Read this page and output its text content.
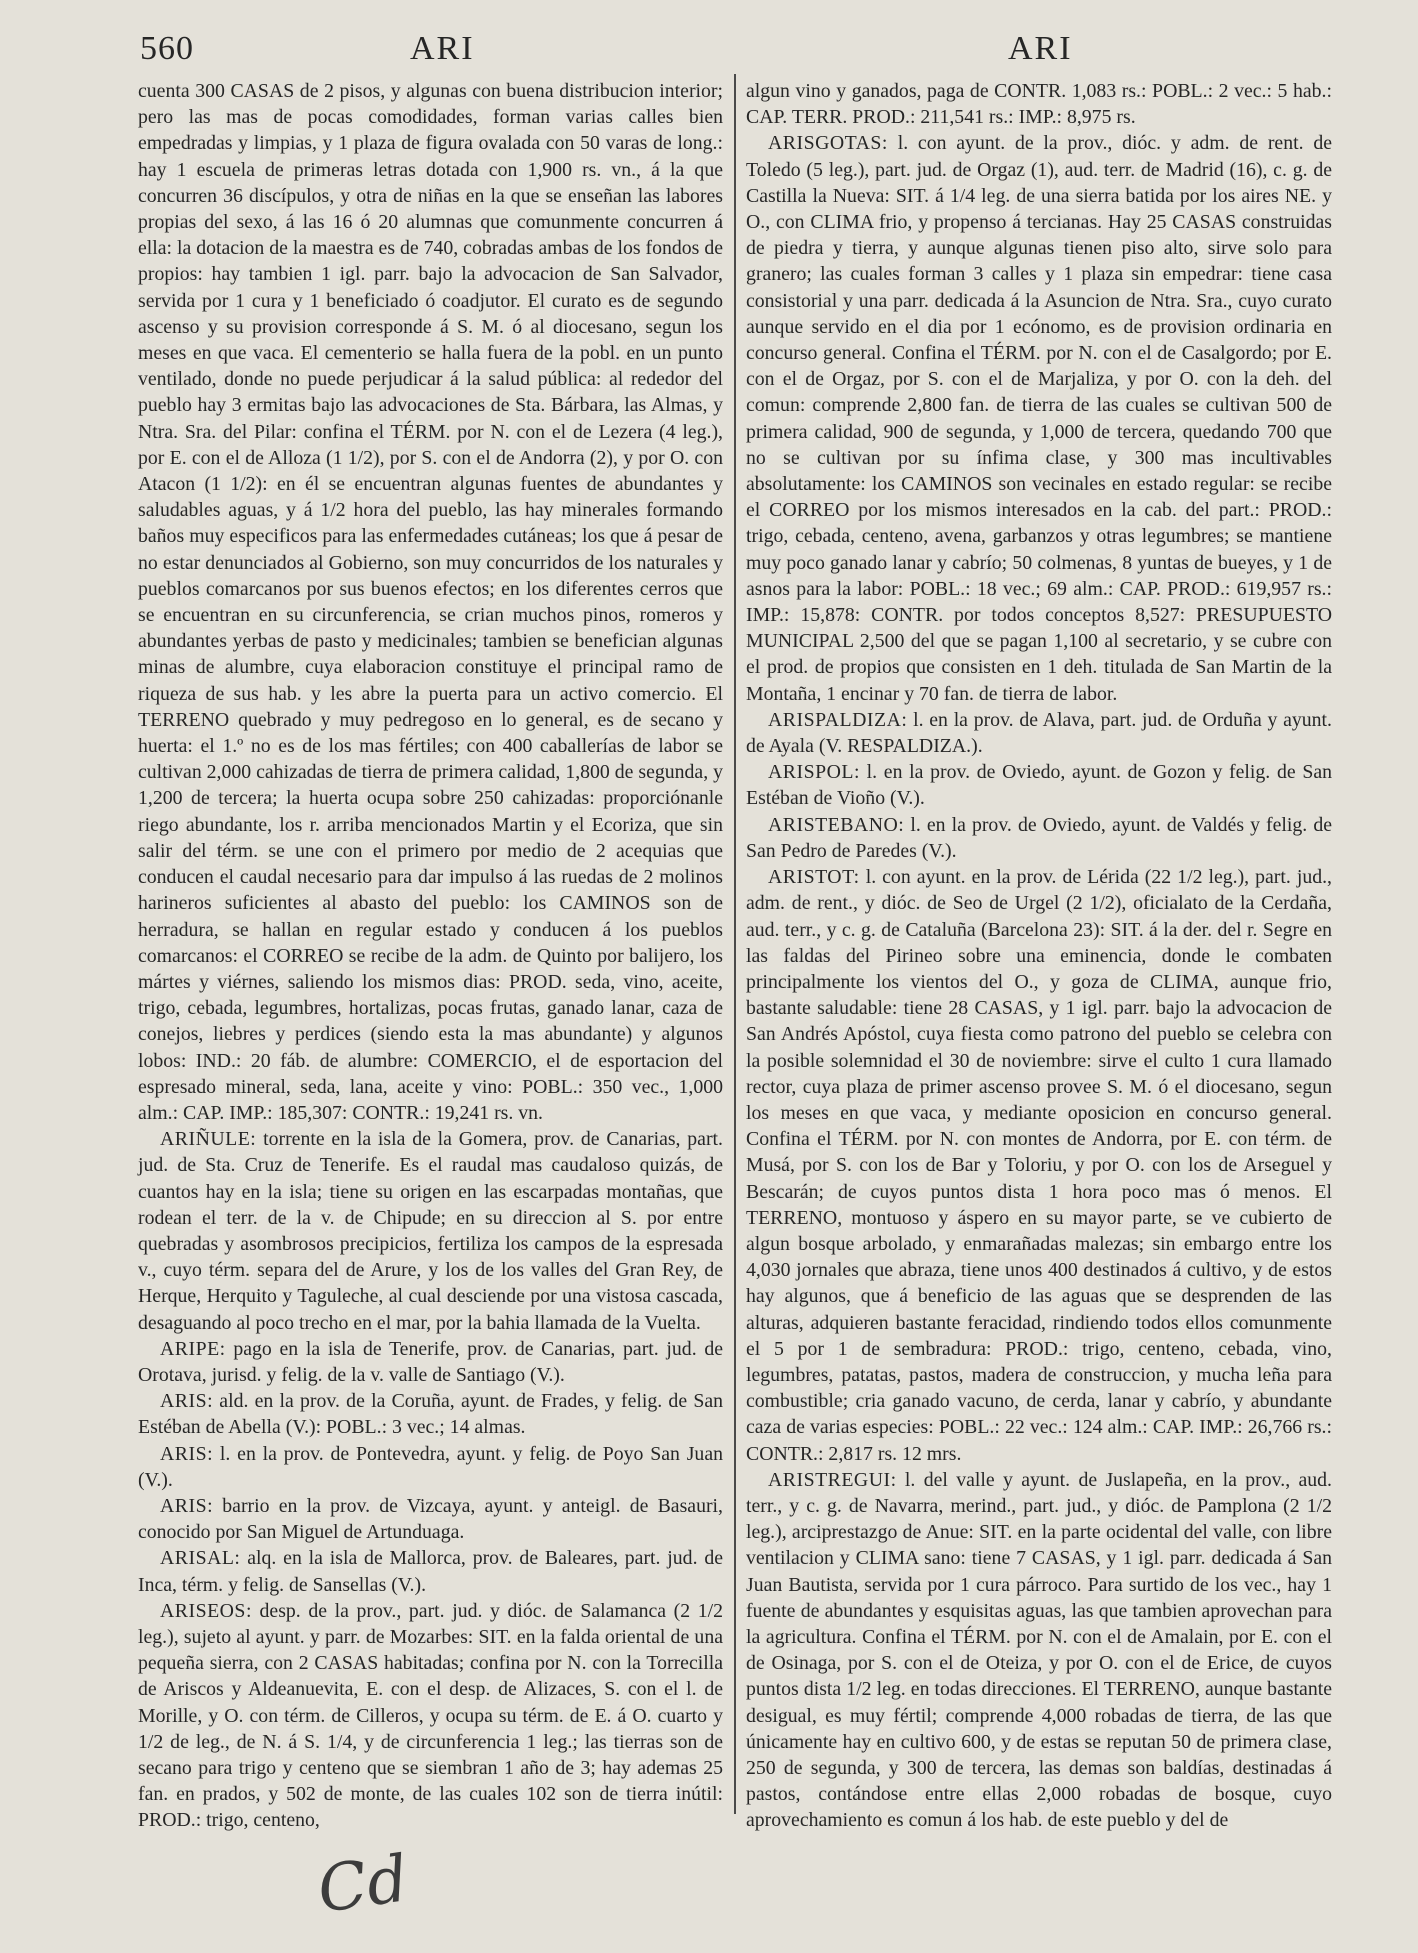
560	ARI	ARI

cuenta 300 CASAS de 2 pisos, y algunas con buena distribucion interior; pero las mas de pocas comodidades, forman varias calles bien empedradas y limpias, y 1 plaza de figura ovalada con 50 varas de long.: hay 1 escuela de primeras letras dotada con 1,900 rs. vn., á la que concurren 36 discípulos, y otra de niñas en la que se enseñan las labores propias del sexo, á las 16 ó 20 alumnas que comunmente concurren á ella: la dotacion de la maestra es de 740, cobradas ambas de los fondos de propios: hay tambien 1 igl. parr. bajo la advocacion de San Salvador, servida por 1 cura y 1 beneficiado ó coadjutor. El curato es de segundo ascenso y su provision corresponde á S. M. ó al diocesano, segun los meses en que vaca. El cementerio se halla fuera de la pobl. en un punto ventilado, donde no puede perjudicar á la salud pública: al rededor del pueblo hay 3 ermitas bajo las advocaciones de Sta. Bárbara, las Almas, y Ntra. Sra. del Pilar: confina el TÉRM. por N. con el de Lezera (4 leg.), por E. con el de Alloza (1 1/2), por S. con el de Andorra (2), y por O. con Atacon (1 1/2): en él se encuentran algunas fuentes de abundantes y saludables aguas, y á 1/2 hora del pueblo, las hay minerales formando baños muy especificos para las enfermedades cutáneas; los que á pesar de no estar denunciados al Gobierno, son muy concurridos de los naturales y pueblos comarcanos por sus buenos efectos; en los diferentes cerros que se encuentran en su circunferencia, se crian muchos pinos, romeros y abundantes yerbas de pasto y medicinales; tambien se benefician algunas minas de alumbre, cuya elaboracion constituye el principal ramo de riqueza de sus hab. y les abre la puerta para un activo comercio. El TERRENO quebrado y muy pedregoso en lo general, es de secano y huerta: el 1.º no es de los mas fértiles; con 400 caballerías de labor se cultivan 2,000 cahizadas de tierra de primera calidad, 1,800 de segunda, y 1,200 de tercera; la huerta ocupa sobre 250 cahizadas: proporciónanle riego abundante, los r. arriba mencionados Martin y el Ecoriza, que sin salir del térm. se une con el primero por medio de 2 acequias que conducen el caudal necesario para dar impulso á las ruedas de 2 molinos harineros suficientes al abasto del pueblo: los CAMINOS son de herradura, se hallan en regular estado y conducen á los pueblos comarcanos: el CORREO se recibe de la adm. de Quinto por balijero, los mártes y viérnes, saliendo los mismos dias: PROD. seda, vino, aceite, trigo, cebada, legumbres, hortalizas, pocas frutas, ganado lanar, caza de conejos, liebres y perdices (siendo esta la mas abundante) y algunos lobos: IND.: 20 fáb. de alumbre: COMERCIO, el de esportacion del espresado mineral, seda, lana, aceite y vino: POBL.: 350 vec., 1,000 alm.: CAP. IMP.: 185,307: CONTR.: 19,241 rs. vn.

ARIÑULE: torrente en la isla de la Gomera, prov. de Canarias, part. jud. de Sta. Cruz de Tenerife. Es el raudal mas caudaloso quizás, de cuantos hay en la isla; tiene su origen en las escarpadas montañas, que rodean el terr. de la v. de Chipude; en su direccion al S. por entre quebradas y asombrosos precipicios, fertiliza los campos de la espresada v., cuyo térm. separa del de Arure, y los de los valles del Gran Rey, de Herque, Herquito y Taguleche, al cual desciende por una vistosa cascada, desaguando al poco trecho en el mar, por la bahia llamada de la Vuelta.

ARIPE: pago en la isla de Tenerife, prov. de Canarias, part. jud. de Orotava, jurisd. y felig. de la v. valle de Santiago (V.).

ARIS: ald. en la prov. de la Coruña, ayunt. de Frades, y felig. de San Estéban de Abella (V.): POBL.: 3 vec.; 14 almas.

ARIS: l. en la prov. de Pontevedra, ayunt. y felig. de Poyo San Juan (V.).

ARIS: barrio en la prov. de Vizcaya, ayunt. y anteigl. de Basauri, conocido por San Miguel de Artunduaga.

ARISAL: alq. en la isla de Mallorca, prov. de Baleares, part. jud. de Inca, térm. y felig. de Sansellas (V.).

ARISEOS: desp. de la prov., part. jud. y dióc. de Salamanca (2 1/2 leg.), sujeto al ayunt. y parr. de Mozarbes: SIT. en la falda oriental de una pequeña sierra, con 2 CASAS habitadas; confina por N. con la Torrecilla de Ariscos y Aldeanuevita, E. con el desp. de Alizaces, S. con el l. de Morille, y O. con térm. de Cilleros, y ocupa su térm. de E. á O. cuarto y 1/2 de leg., de N. á S. 1/4, y de circunferencia 1 leg.; las tierras son de secano para trigo y centeno que se siembran 1 año de 3; hay ademas 25 fan. en prados, y 502 de monte, de las cuales 102 son de tierra inútil: PROD.: trigo, centeno,

algun vino y ganados, paga de CONTR. 1,083 rs.: POBL.: 2 vec.: 5 hab.: CAP. TERR. PROD.: 211,541 rs.: IMP.: 8,975 rs.

ARISGOTAS: l. con ayunt. de la prov., dióc. y adm. de rent. de Toledo (5 leg.), part. jud. de Orgaz (1), aud. terr. de Madrid (16), c. g. de Castilla la Nueva: SIT. á 1/4 leg. de una sierra batida por los aires NE. y O., con CLIMA frio, y propenso á tercianas. Hay 25 CASAS construidas de piedra y tierra, y aunque algunas tienen piso alto, sirve solo para granero; las cuales forman 3 calles y 1 plaza sin empedrar: tiene casa consistorial y una parr. dedicada á la Asuncion de Ntra. Sra., cuyo curato aunque servido en el dia por 1 ecónomo, es de provision ordinaria en concurso general. Confina el TÉRM. por N. con el de Casalgordo; por E. con el de Orgaz, por S. con el de Marjaliza, y por O. con la deh. del comun: comprende 2,800 fan. de tierra de las cuales se cultivan 500 de primera calidad, 900 de segunda, y 1,000 de tercera, quedando 700 que no se cultivan por su ínfima clase, y 300 mas incultivables absolutamente: los CAMINOS son vecinales en estado regular: se recibe el CORREO por los mismos interesados en la cab. del part.: PROD.: trigo, cebada, centeno, avena, garbanzos y otras legumbres; se mantiene muy poco ganado lanar y cabrío; 50 colmenas, 8 yuntas de bueyes, y 1 de asnos para la labor: POBL.: 18 vec.; 69 alm.: CAP. PROD.: 619,957 rs.: IMP.: 15,878: CONTR. por todos conceptos 8,527: PRESUPUESTO MUNICIPAL 2,500 del que se pagan 1,100 al secretario, y se cubre con el prod. de propios que consisten en 1 deh. titulada de San Martin de la Montaña, 1 encinar y 70 fan. de tierra de labor.

ARISPALDIZA: l. en la prov. de Alava, part. jud. de Orduña y ayunt. de Ayala (V. RESPALDIZA.).

ARISPOL: l. en la prov. de Oviedo, ayunt. de Gozon y felig. de San Estéban de Vioño (V.).

ARISTEBANO: l. en la prov. de Oviedo, ayunt. de Valdés y felig. de San Pedro de Paredes (V.).

ARISTOT: l. con ayunt. en la prov. de Lérida (22 1/2 leg.), part. jud., adm. de rent., y dióc. de Seo de Urgel (2 1/2), oficialato de la Cerdaña, aud. terr., y c. g. de Cataluña (Barcelona 23): SIT. á la der. del r. Segre en las faldas del Pirineo sobre una eminencia, donde le combaten principalmente los vientos del O., y goza de CLIMA, aunque frio, bastante saludable: tiene 28 CASAS, y 1 igl. parr. bajo la advocacion de San Andrés Apóstol, cuya fiesta como patrono del pueblo se celebra con la posible solemnidad el 30 de noviembre: sirve el culto 1 cura llamado rector, cuya plaza de primer ascenso provee S. M. ó el diocesano, segun los meses en que vaca, y mediante oposicion en concurso general. Confina el TÉRM. por N. con montes de Andorra, por E. con térm. de Musá, por S. con los de Bar y Toloriu, y por O. con los de Arseguel y Bescarán; de cuyos puntos dista 1 hora poco mas ó menos. El TERRENO, montuoso y áspero en su mayor parte, se ve cubierto de algun bosque arbolado, y enmarañadas malezas; sin embargo entre los 4,030 jornales que abraza, tiene unos 400 destinados á cultivo, y de estos hay algunos, que á beneficio de las aguas que se desprenden de las alturas, adquieren bastante feracidad, rindiendo todos ellos comunmente el 5 por 1 de sembradura: PROD.: trigo, centeno, cebada, vino, legumbres, patatas, pastos, madera de construccion, y mucha leña para combustible; cria ganado vacuno, de cerda, lanar y cabrío, y abundante caza de varias especies: POBL.: 22 vec.: 124 alm.: CAP. IMP.: 26,766 rs.: CONTR.: 2,817 rs. 12 mrs.

ARISTREGUI: l. del valle y ayunt. de Juslapeña, en la prov., aud. terr., y c. g. de Navarra, merind., part. jud., y dióc. de Pamplona (2 1/2 leg.), arciprestazgo de Anue: SIT. en la parte ocidental del valle, con libre ventilacion y CLIMA sano: tiene 7 CASAS, y 1 igl. parr. dedicada á San Juan Bautista, servida por 1 cura párroco. Para surtido de los vec., hay 1 fuente de abundantes y esquisitas aguas, las que tambien aprovechan para la agricultura. Confina el TÉRM. por N. con el de Amalain, por E. con el de Osinaga, por S. con el de Oteiza, y por O. con el de Erice, de cuyos puntos dista 1/2 leg. en todas direcciones. El TERRENO, aunque bastante desigual, es muy fértil; comprende 4,000 robadas de tierra, de las que únicamente hay en cultivo 600, y de estas se reputan 50 de primera clase, 250 de segunda, y 300 de tercera, las demas son baldías, destinadas á pastos, contándose entre ellas 2,000 robadas de bosque, cuyo aprovechamiento es comun á los hab. de este pueblo y del de

Cd
